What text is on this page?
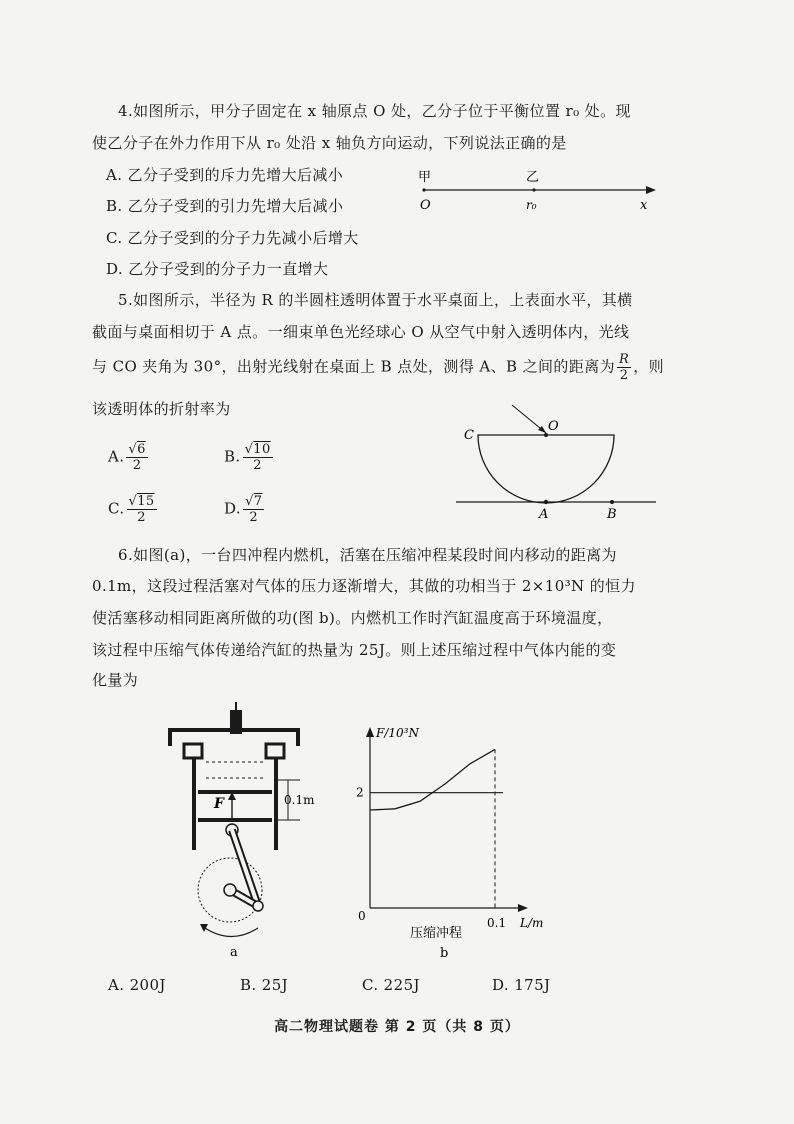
4.如图所示，甲分子固定在 x 轴原点 O 处，乙分子位于平衡位置 r₀ 处。现
使乙分子在外力作用下从 r₀ 处沿 x 轴负方向运动，下列说法正确的是
A. 乙分子受到的斥力先增大后减小
B. 乙分子受到的引力先增大后减小
C. 乙分子受到的分子力先减小后增大
D. 乙分子受到的分子力一直增大
甲	乙
O	r₀	x
5.如图所示，半径为 R 的半圆柱透明体置于水平桌面上，上表面水平，其横
截面与桌面相切于 A 点。一细束单色光经球心 O 从空气中射入透明体内，光线
与 CO 夹角为 30°，出射光线射在桌面上 B 点处，测得 A、B 之间的距离为 $\frac{R}{2}$ ，则
该透明体的折射率为
A. $\frac{√6}{2}$	B. $\frac{√10}{2}$
C. $\frac{√15}{2}$	D. $\frac{√7}{2}$
C
O
A	B
6.如图(a)，一台四冲程内燃机，活塞在压缩冲程某段时间内移动的距离为
0.1m，这段过程活塞对气体的压力逐渐增大，其做的功相当于 2×10³N 的恒力
使活塞移动相同距离所做的功(图 b)。内燃机工作时汽缸温度高于环境温度，
该过程中压缩气体传递给汽缸的热量为 25J。则上述压缩过程中气体内能的变
化量为
F	0.1m
a
F/10³N
L/m
0
2
0.1
压缩冲程
b
A. 200J	B. 25J	C. 225J	D. 175J
高二物理试题卷 第 2 页（共 8 页）
